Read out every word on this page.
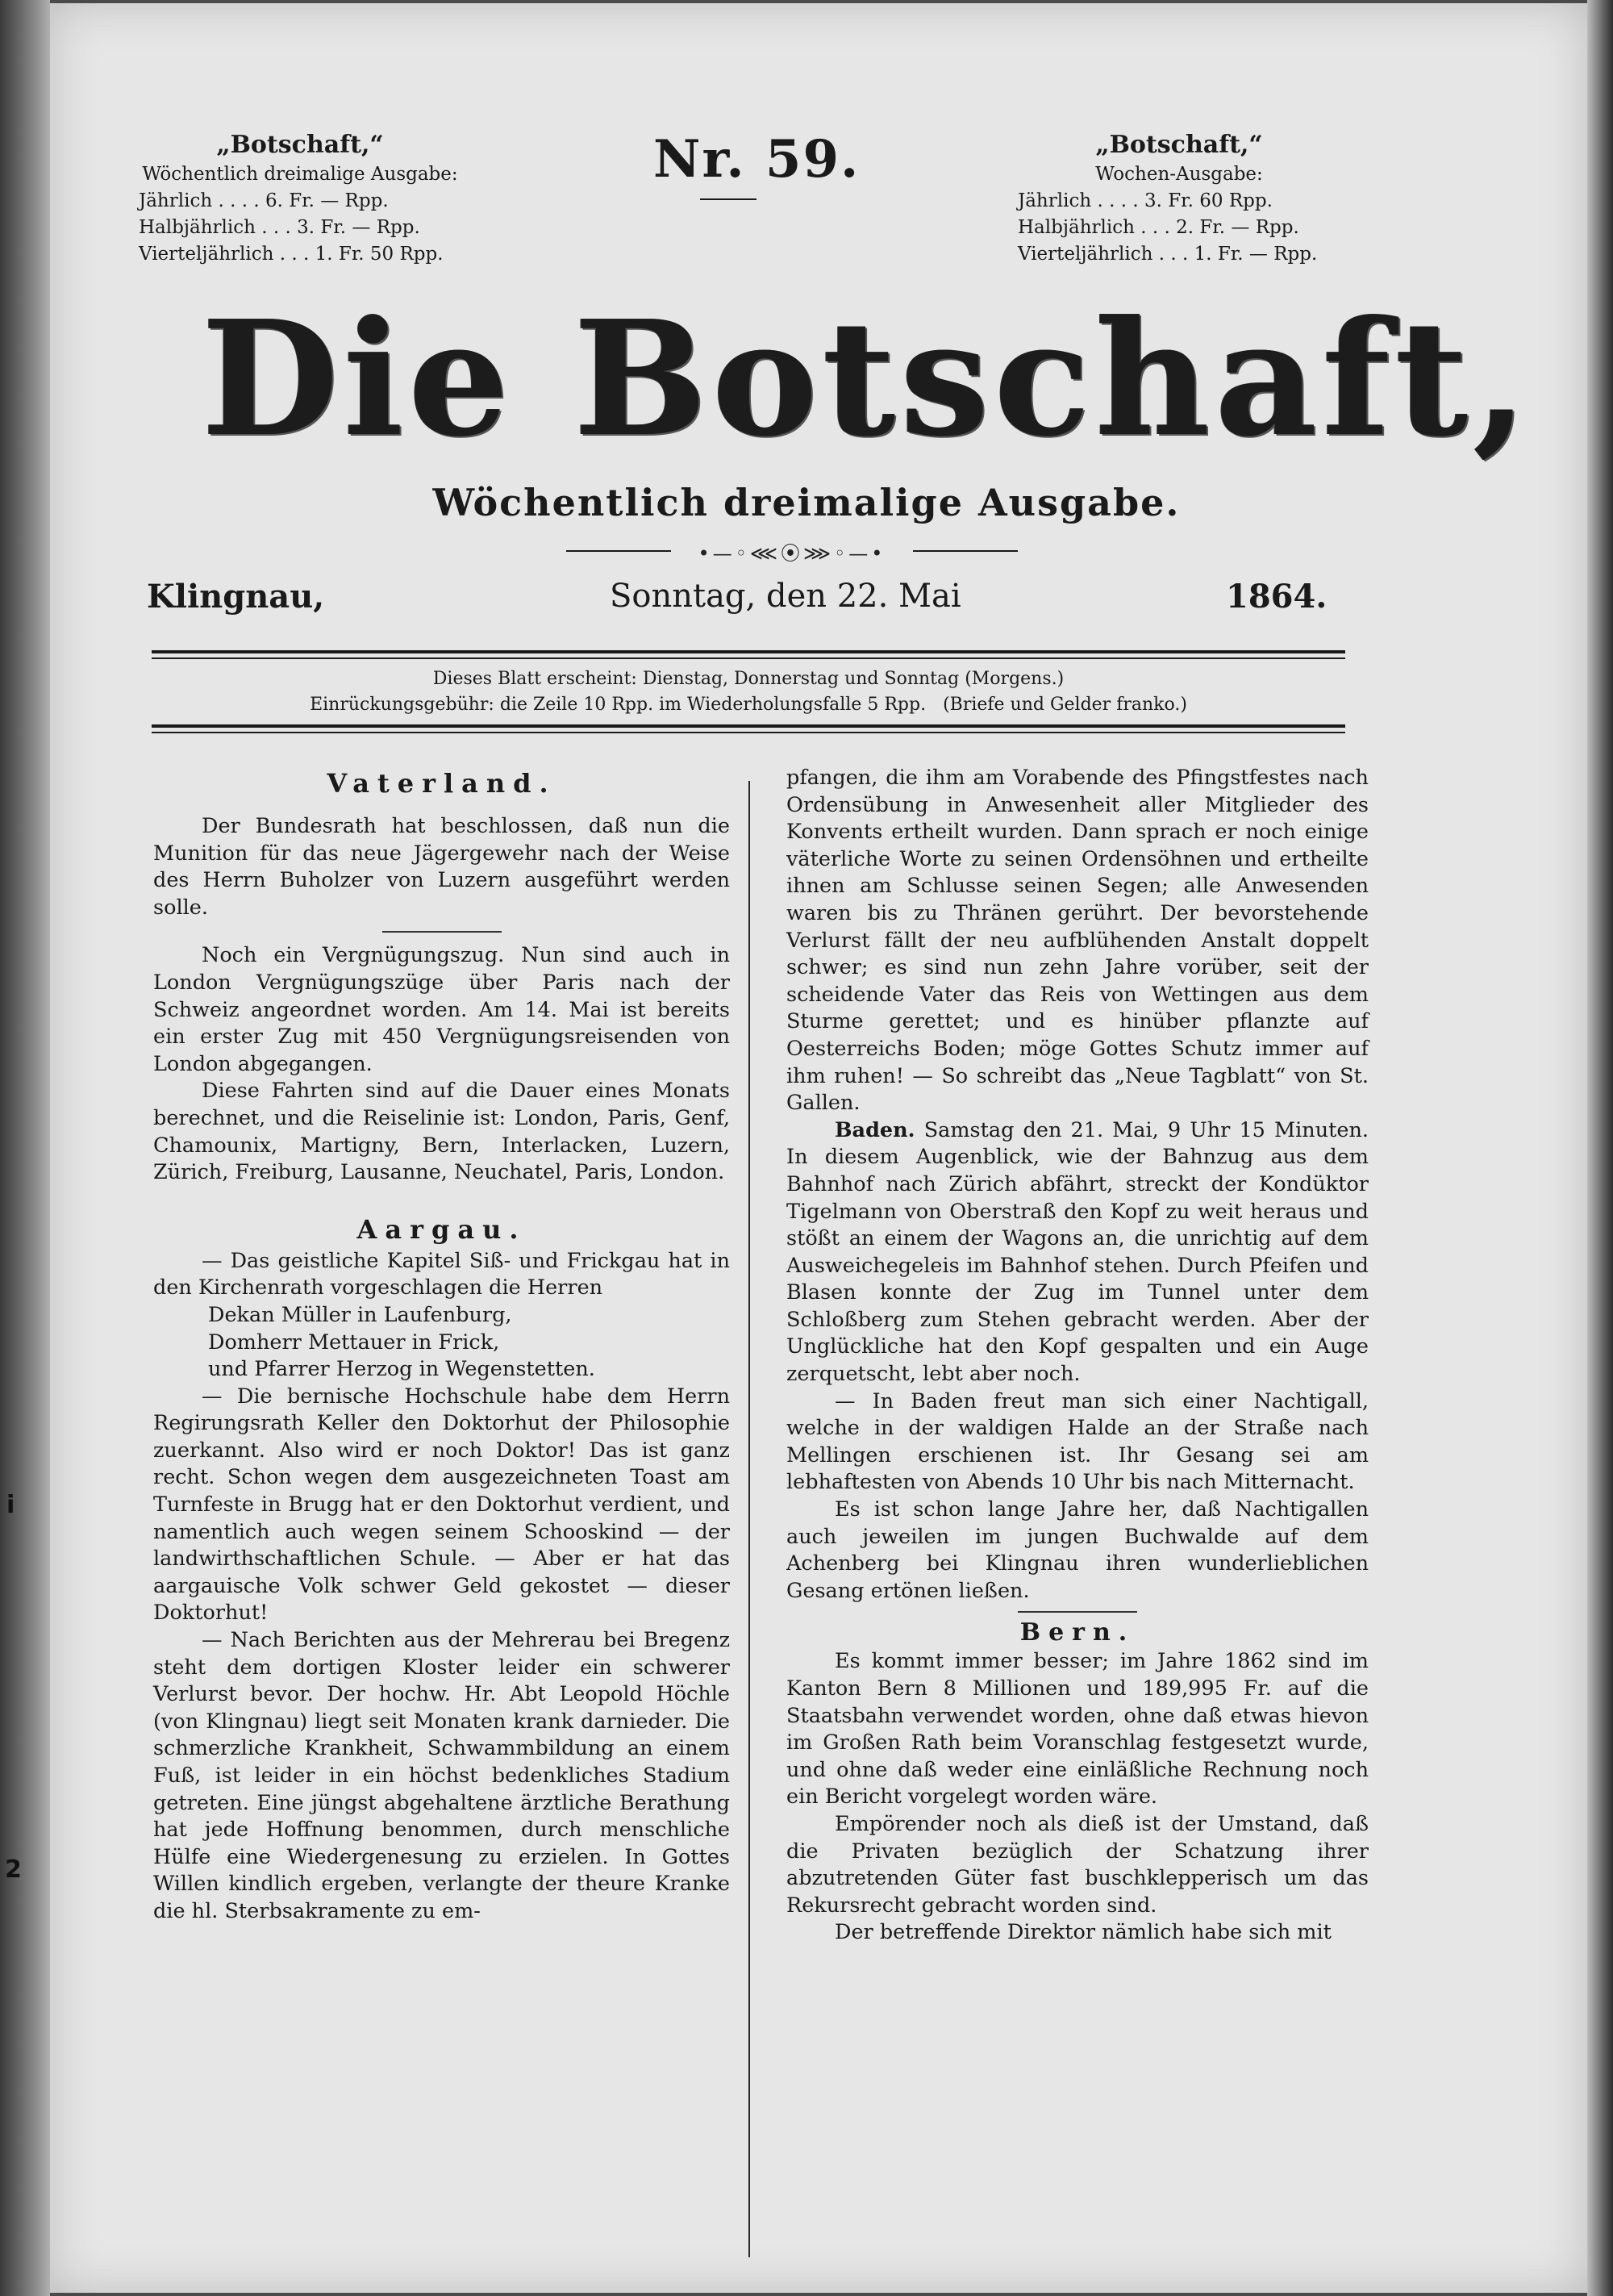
„Botschaft,“
Wöchentlich dreimalige Ausgabe:
Jährlich . . . . 6. Fr. — Rpp.
Halbjährlich . . . 3. Fr. — Rpp.
Vierteljährlich . . . 1. Fr. 50 Rpp.
Nr. 59.	„Botschaft,“
Wochen-Ausgabe:
Jährlich . . . . 3. Fr. 60 Rpp.
Halbjährlich . . . 2. Fr. — Rpp.
Vierteljährlich . . . 1. Fr. — Rpp.
Die Botschaft,
Wöchentlich dreimalige Ausgabe.
•—◦⋘⦿⋙◦—•
Klingnau,	Sonntag, den 22. Mai	1864.
Dieses Blatt erscheint: Dienstag, Donnerstag und Sonntag (Morgens.)
Einrückungsgebühr: die Zeile 10 Rpp. im Wiederholungsfalle 5 Rpp. (Briefe und Gelder franko.)
Vaterland.

Der Bundesrath hat beschlossen, daß nun die Munition für das neue Jägergewehr nach der Weise des Herrn Buholzer von Luzern ausgeführt werden solle.

Noch ein Vergnügungszug. Nun sind auch in London Vergnügungszüge über Paris nach der Schweiz angeordnet worden. Am 14. Mai ist bereits ein erster Zug mit 450 Vergnügungsreisenden von London abgegangen.

Diese Fahrten sind auf die Dauer eines Monats berechnet, und die Reiselinie ist: London, Paris, Genf, Chamounix, Martigny, Bern, Interlacken, Luzern, Zürich, Freiburg, Lausanne, Neuchatel, Paris, London.

Aargau.

— Das geistliche Kapitel Siß- und Frickgau hat in den Kirchenrath vorgeschlagen die Herren

Dekan Müller in Laufenburg,

Domherr Mettauer in Frick,

und Pfarrer Herzog in Wegenstetten.

— Die bernische Hochschule habe dem Herrn Regirungsrath Keller den Doktorhut der Philosophie zuerkannt. Also wird er noch Doktor! Das ist ganz recht. Schon wegen dem ausgezeichneten Toast am Turnfeste in Brugg hat er den Doktorhut verdient, und namentlich auch wegen seinem Schooskind — der landwirthschaftlichen Schule. — Aber er hat das aargauische Volk schwer Geld gekostet — dieser Doktorhut!

— Nach Berichten aus der Mehrerau bei Bregenz steht dem dortigen Kloster leider ein schwerer Verlurst bevor. Der hochw. Hr. Abt Leopold Höchle (von Klingnau) liegt seit Monaten krank darnieder. Die schmerzliche Krankheit, Schwammbildung an einem Fuß, ist leider in ein höchst bedenkliches Stadium getreten. Eine jüngst abgehaltene ärztliche Berathung hat jede Hoffnung benommen, durch menschliche Hülfe eine Wiedergenesung zu erzielen. In Gottes Willen kindlich ergeben, verlangte der theure Kranke die hl. Sterbsakramente zu em-

pfangen, die ihm am Vorabende des Pfingstfestes nach Ordensübung in Anwesenheit aller Mitglieder des Konvents ertheilt wurden. Dann sprach er noch einige väterliche Worte zu seinen Ordensöhnen und ertheilte ihnen am Schlusse seinen Segen; alle Anwesenden waren bis zu Thränen gerührt. Der bevorstehende Verlurst fällt der neu aufblühenden Anstalt doppelt schwer; es sind nun zehn Jahre vorüber, seit der scheidende Vater das Reis von Wettingen aus dem Sturme gerettet; und es hinüber pflanzte auf Oesterreichs Boden; möge Gottes Schutz immer auf ihm ruhen! — So schreibt das „Neue Tagblatt“ von St. Gallen.

Baden. Samstag den 21. Mai, 9 Uhr 15 Minuten. In diesem Augenblick, wie der Bahnzug aus dem Bahnhof nach Zürich abfährt, streckt der Kondüktor Tigelmann von Oberstraß den Kopf zu weit heraus und stößt an einem der Wagons an, die unrichtig auf dem Ausweichegeleis im Bahnhof stehen. Durch Pfeifen und Blasen konnte der Zug im Tunnel unter dem Schloßberg zum Stehen gebracht werden. Aber der Unglückliche hat den Kopf gespalten und ein Auge zerquetscht, lebt aber noch.

— In Baden freut man sich einer Nachtigall, welche in der waldigen Halde an der Straße nach Mellingen erschienen ist. Ihr Gesang sei am lebhaftesten von Abends 10 Uhr bis nach Mitternacht.

Es ist schon lange Jahre her, daß Nachtigallen auch jeweilen im jungen Buchwalde auf dem Achenberg bei Klingnau ihren wunderlieblichen Gesang ertönen ließen.

Bern.

Es kommt immer besser; im Jahre 1862 sind im Kanton Bern 8 Millionen und 189,995 Fr. auf die Staatsbahn verwendet worden, ohne daß etwas hievon im Großen Rath beim Voranschlag festgesetzt wurde, und ohne daß weder eine einläßliche Rechnung noch ein Bericht vorgelegt worden wäre.

Empörender noch als dieß ist der Umstand, daß die Privaten bezüglich der Schatzung ihrer abzutretenden Güter fast buschklepperisch um das Rekursrecht gebracht worden sind.

Der betreffende Direktor nämlich habe sich mit

i
2
